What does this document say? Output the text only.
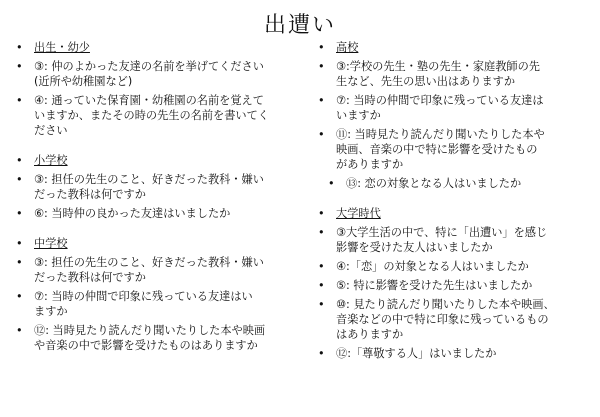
出遭い
•	出生・幼少
•	③: 仲のよかった友達の名前を挙げてください
(近所や幼稚園など)
•	④: 通っていた保育園・幼稚園の名前を覚えて
いますか、またその時の先生の名前を書いてく
ださい
•	小学校
•	③: 担任の先生のこと、好きだった教科・嫌い
だった教科は何ですか
•	⑥: 当時仲の良かった友達はいましたか
•	中学校
•	③: 担任の先生のこと、好きだった教科・嫌い
だった教科は何ですか
•	⑦: 当時の仲間で印象に残っている友達はい
ますか
•	⑫: 当時見たり読んだり聞いたりした本や映画
や音楽の中で影響を受けたものはありますか
•	高校
•	③:学校の先生・塾の先生・家庭教師の先
生など、先生の思い出はありますか
•	⑦: 当時の仲間で印象に残っている友達は
いますか
•	⑪: 当時見たり読んだり聞いたりした本や
映画、音楽の中で特に影響を受けたもの
がありますか
•	⑬: 恋の対象となる人はいましたか
•	大学時代
•	③大学生活の中で、特に「出遭い」を感じ
影響を受けた友人はいましたか
•	④:「恋」の対象となる人はいましたか
•	⑤: 特に影響を受けた先生はいましたか
•	⑩: 見たり読んだり聞いたりした本や映画、
音楽などの中で特に印象に残っているもの
はありますか
•	⑫:「尊敬する人」はいましたか
